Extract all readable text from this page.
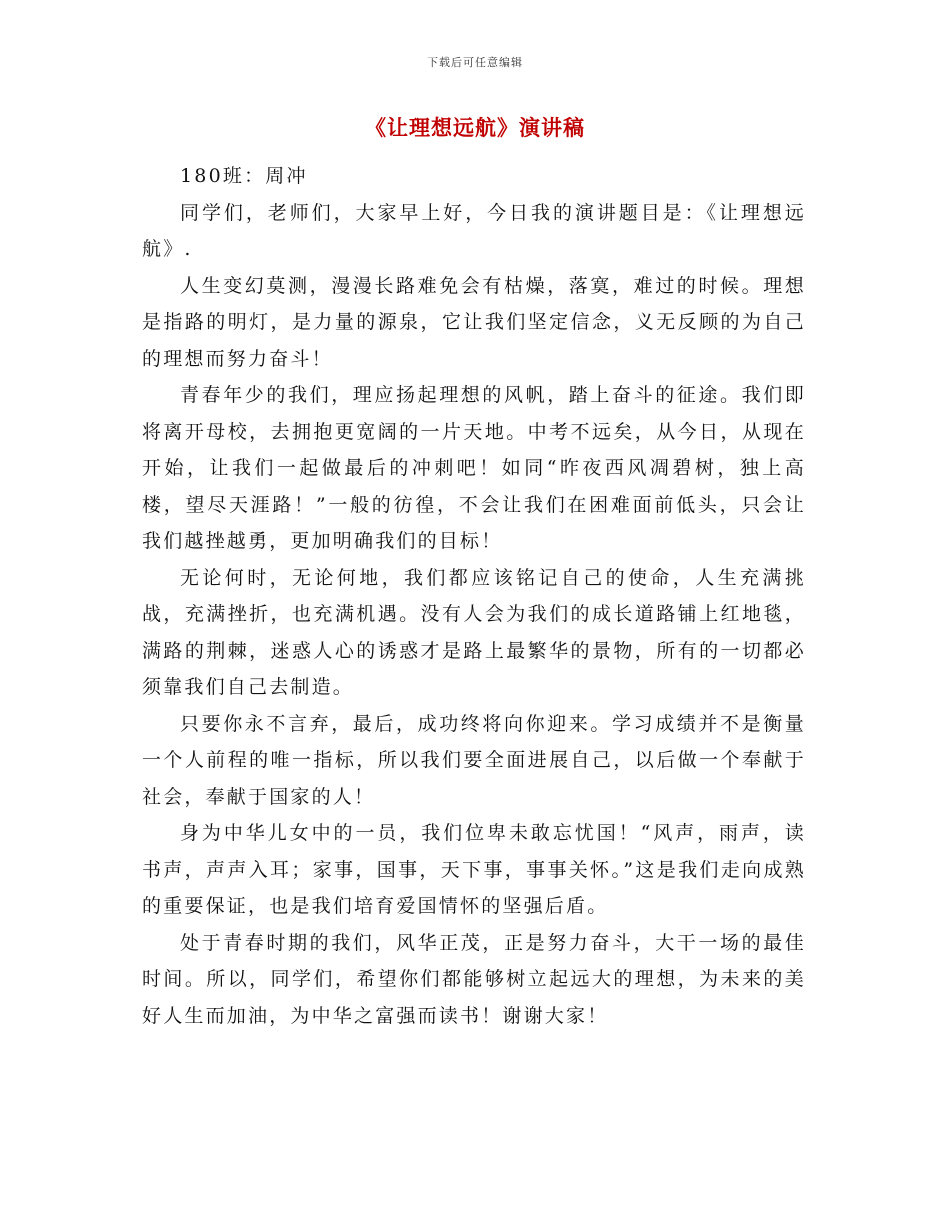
下载后可任意编辑
《让理想远航》演讲稿

180班：周冲

同学们，老师们，大家早上好，今日我的演讲题目是：《让理想远航》.

人生变幻莫测，漫漫长路难免会有枯燥，落寞，难过的时候。理想是指路的明灯，是力量的源泉，它让我们坚定信念，义无反顾的为自己的理想而努力奋斗！

青春年少的我们，理应扬起理想的风帆，踏上奋斗的征途。我们即将离开母校，去拥抱更宽阔的一片天地。中考不远矣，从今日，从现在开始，让我们一起做最后的冲刺吧！如同“昨夜西风凋碧树，独上高楼，望尽天涯路！”一般的彷徨，不会让我们在困难面前低头，只会让我们越挫越勇，更加明确我们的目标！

无论何时，无论何地，我们都应该铭记自己的使命，人生充满挑战，充满挫折，也充满机遇。没有人会为我们的成长道路铺上红地毯，满路的荆棘，迷惑人心的诱惑才是路上最繁华的景物，所有的一切都必须靠我们自己去制造。

只要你永不言弃，最后，成功终将向你迎来。学习成绩并不是衡量一个人前程的唯一指标，所以我们要全面进展自己，以后做一个奉献于社会，奉献于国家的人！

身为中华儿女中的一员，我们位卑未敢忘忧国！“风声，雨声，读书声，声声入耳；家事，国事，天下事，事事关怀。”这是我们走向成熟的重要保证，也是我们培育爱国情怀的坚强后盾。

处于青春时期的我们，风华正茂，正是努力奋斗，大干一场的最佳时间。所以，同学们，希望你们都能够树立起远大的理想，为未来的美好人生而加油，为中华之富强而读书！谢谢大家！
